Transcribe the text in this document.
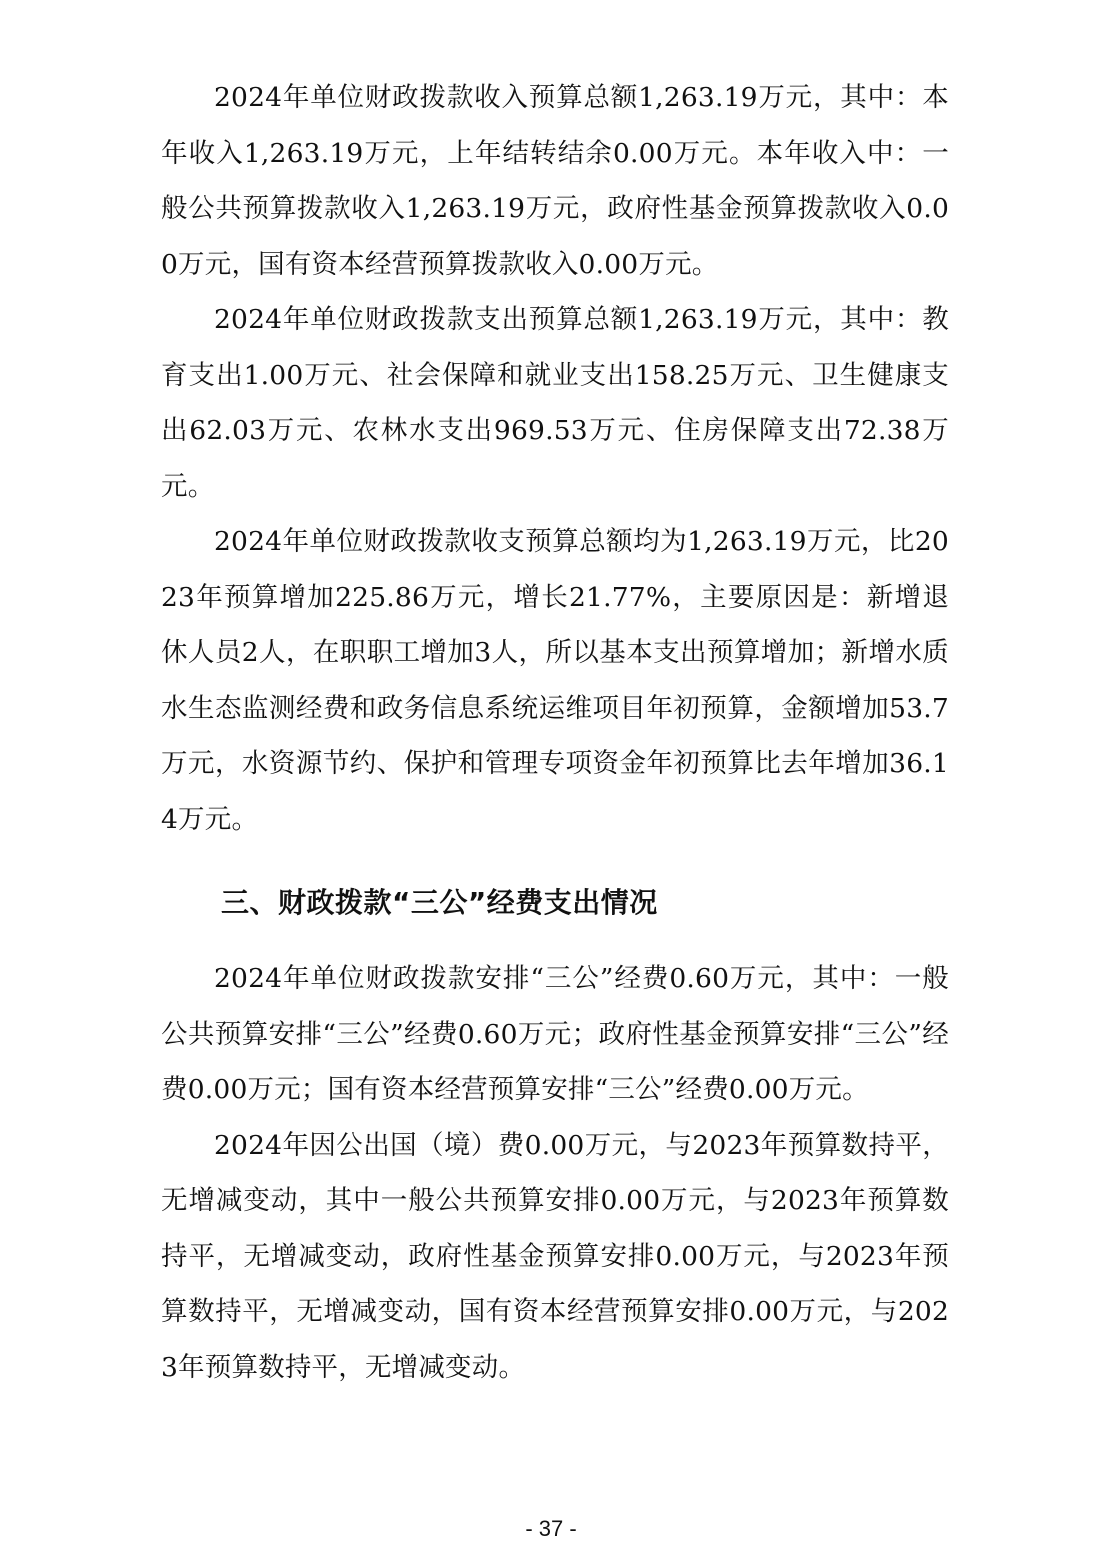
2024年单位财政拨款收入预算总额1,263.19万元，其中：本年收入1,263.19万元，上年结转结余0.00万元。本年收入中：一般公共预算拨款收入1,263.19万元，政府性基金预算拨款收入0.00万元，国有资本经营预算拨款收入0.00万元。

2024年单位财政拨款支出预算总额1,263.19万元，其中：教育支出1.00万元、社会保障和就业支出158.25万元、卫生健康支出62.03万元、农林水支出969.53万元、住房保障支出72.38万元。

2024年单位财政拨款收支预算总额均为1,263.19万元，比2023年预算增加225.86万元，增长21.77%，主要原因是：新增退休人员2人，在职职工增加3人，所以基本支出预算增加；新增水质水生态监测经费和政务信息系统运维项目年初预算，金额增加53.7万元，水资源节约、保护和管理专项资金年初预算比去年增加36.14万元。

三、财政拨款“三公”经费支出情况

2024年单位财政拨款安排“三公”经费0.60万元，其中：一般公共预算安排“三公”经费0.60万元；政府性基金预算安排“三公”经费0.00万元；国有资本经营预算安排“三公”经费0.00万元。

2024年因公出国（境）费0.00万元，与2023年预算数持平，无增减变动，其中一般公共预算安排0.00万元，与2023年预算数持平，无增减变动，政府性基金预算安排0.00万元，与2023年预算数持平，无增减变动，国有资本经营预算安排0.00万元，与2023年预算数持平，无增减变动。

- 37 -
